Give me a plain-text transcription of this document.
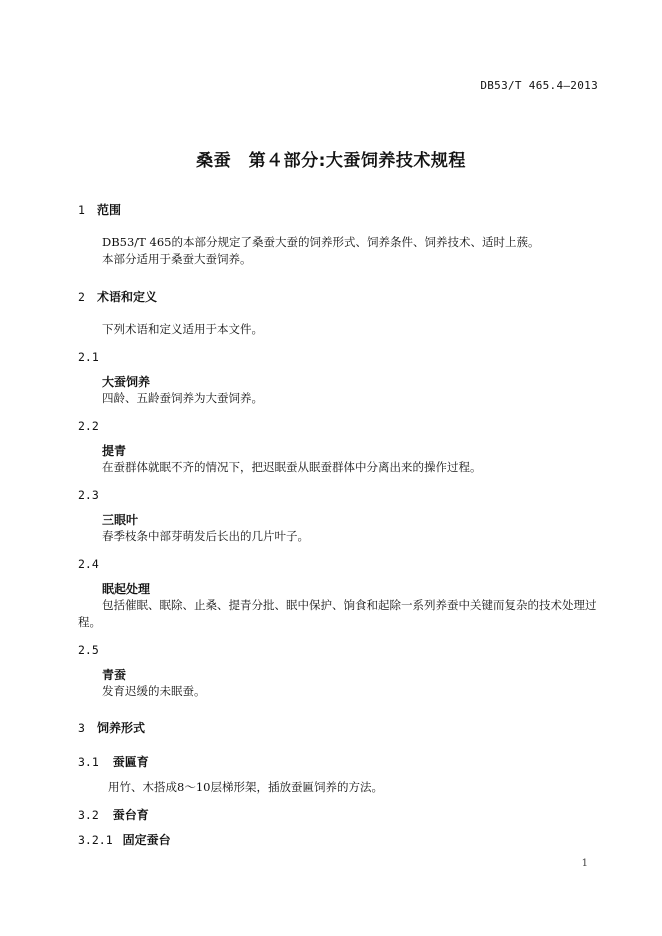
DB53/T 465.4—2013
桑蚕　第４部分:大蚕饲养技术规程
1 范围
DB53/T 465的本部分规定了桑蚕大蚕的饲养形式、饲养条件、饲养技术、适时上蔟。
本部分适用于桑蚕大蚕饲养。
2 术语和定义
下列术语和定义适用于本文件。
2.1
大蚕饲养
四龄、五龄蚕饲养为大蚕饲养。
2.2
提青
在蚕群体就眠不齐的情况下，把迟眠蚕从眠蚕群体中分离出来的操作过程。
2.3
三眼叶
春季枝条中部芽萌发后长出的几片叶子。
2.4
眠起处理
包括催眠、眠除、止桑、提青分批、眠中保护、饷食和起除一系列养蚕中关键而复杂的技术处理过
程。
2.5
青蚕
发育迟缓的未眠蚕。
3 饲养形式
3.1 蚕匾育
用竹、木搭成8～10层梯形架，插放蚕匾饲养的方法。
3.2 蚕台育
3.2.1 固定蚕台
1
